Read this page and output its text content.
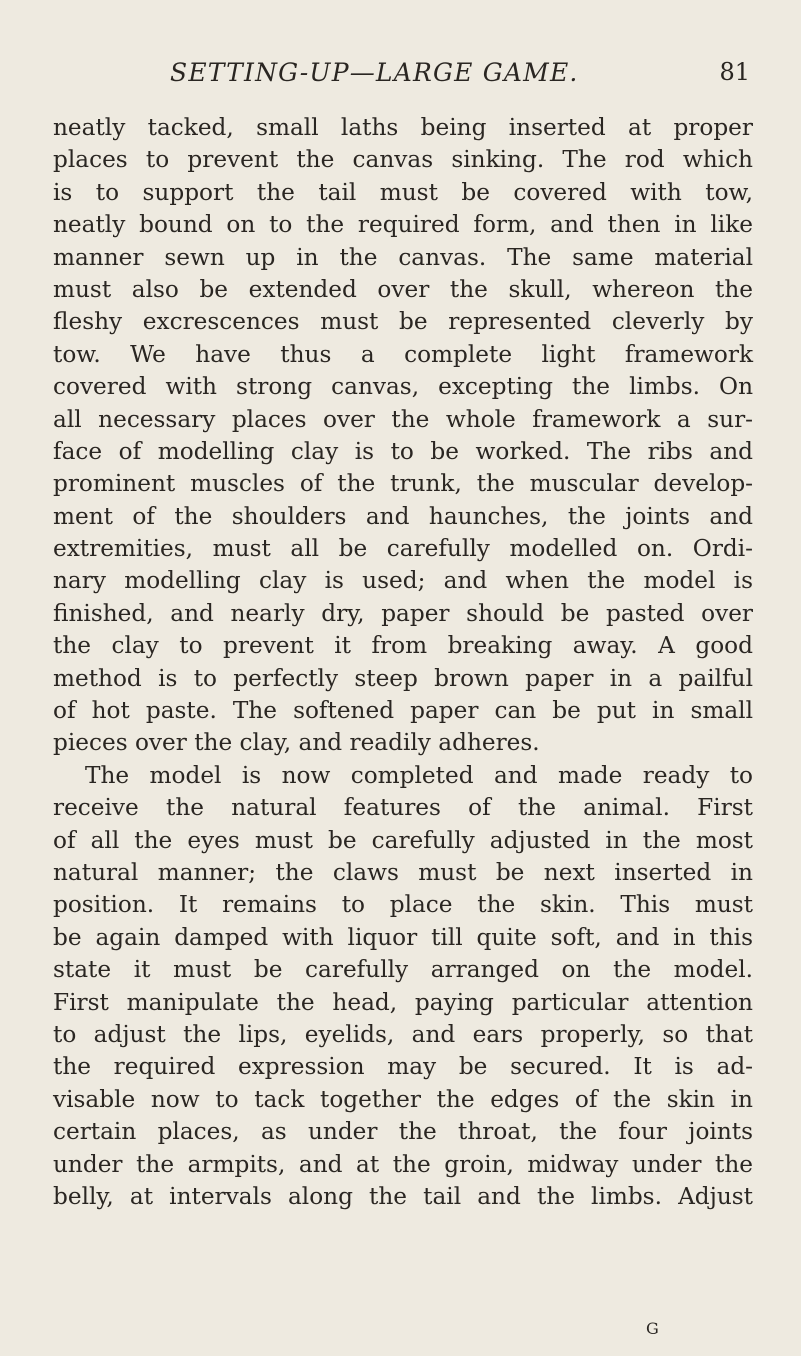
SETTING-UP—LARGE GAME.	81
neatly tacked, small laths being inserted at proper
places to prevent the canvas sinking. The rod which
is to support the tail must be covered with tow,
neatly bound on to the required form, and then in like
manner sewn up in the canvas. The same material
must also be extended over the skull, whereon the
fleshy excrescences must be represented cleverly by
tow. We have thus a complete light framework
covered with strong canvas, excepting the limbs. On
all necessary places over the whole framework a sur-
face of modelling clay is to be worked. The ribs and
prominent muscles of the trunk, the muscular develop-
ment of the shoulders and haunches, the joints and
extremities, must all be carefully modelled on. Ordi-
nary modelling clay is used; and when the model is
finished, and nearly dry, paper should be pasted over
the clay to prevent it from breaking away. A good
method is to perfectly steep brown paper in a pailful
of hot paste. The softened paper can be put in small
pieces over the clay, and readily adheres.
The model is now completed and made ready to
receive the natural features of the animal. First
of all the eyes must be carefully adjusted in the most
natural manner; the claws must be next inserted in
position. It remains to place the skin. This must
be again damped with liquor till quite soft, and in this
state it must be carefully arranged on the model.
First manipulate the head, paying particular attention
to adjust the lips, eyelids, and ears properly, so that
the required expression may be secured. It is ad-
visable now to tack together the edges of the skin in
certain places, as under the throat, the four joints
under the armpits, and at the groin, midway under the
belly, at intervals along the tail and the limbs. Adjust
G
